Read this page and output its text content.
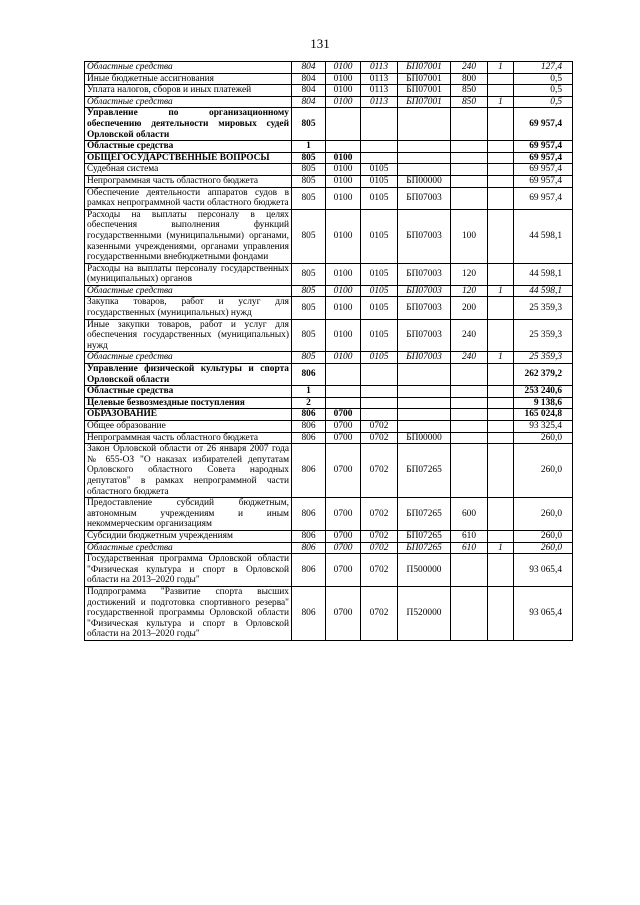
131
Областные средства	804	0100	0113	БП07001	240	1	127,4
Иные бюджетные ассигнования	804	0100	0113	БП07001	800		0,5
Уплата налогов, сборов и иных платежей	804	0100	0113	БП07001	850		0,5
Областные средства	804	0100	0113	БП07001	850	1	0,5
Управление по организационному обеспечению деятельности мировых судей Орловской области	805						69 957,4
Областные средства	1						69 957,4
ОБЩЕГОСУДАРСТВЕННЫЕ ВОПРОСЫ	805	0100					69 957,4
Судебная система	805	0100	0105				69 957,4
Непрограммная часть областного бюджета	805	0100	0105	БП00000			69 957,4
Обеспечение деятельности аппаратов судов в рамках непрограммной части областного бюджета	805	0100	0105	БП07003			69 957,4
Расходы на выплаты персоналу в целях обеспечения выполнения функций государственными (муниципальными) органами, казенными учреждениями, органами управления государственными внебюджетными фондами	805	0100	0105	БП07003	100		44 598,1
Расходы на выплаты персоналу государственных (муниципальных) органов	805	0100	0105	БП07003	120		44 598,1
Областные средства	805	0100	0105	БП07003	120	1	44 598,1
Закупка товаров, работ и услуг для государственных (муниципальных) нужд	805	0100	0105	БП07003	200		25 359,3
Иные закупки товаров, работ и услуг для обеспечения государственных (муниципальных) нужд	805	0100	0105	БП07003	240		25 359,3
Областные средства	805	0100	0105	БП07003	240	1	25 359,3
Управление физической культуры и спорта Орловской области	806						262 379,2
Областные средства	1						253 240,6
Целевые безвозмездные поступления	2						9 138,6
ОБРАЗОВАНИЕ	806	0700					165 024,8
Общее образование	806	0700	0702				93 325,4
Непрограммная часть областного бюджета	806	0700	0702	БП00000			260,0
Закон Орловской области от 26 января 2007 года № 655-ОЗ "О наказах избирателей депутатам Орловского областного Совета народных депутатов" в рамках непрограммной части областного бюджета	806	0700	0702	БП07265			260,0
Предоставление субсидий бюджетным, автономным учреждениям и иным некоммерческим организациям	806	0700	0702	БП07265	600		260,0
Субсидии бюджетным учреждениям	806	0700	0702	БП07265	610		260,0
Областные средства	806	0700	0702	БП07265	610	1	260,0
Государственная программа Орловской области "Физическая культура и спорт в Орловской области на 2013–2020 годы"	806	0700	0702	П500000			93 065,4
Подпрограмма "Развитие спорта высших достижений и подготовка спортивного резерва" государственной программы Орловской области "Физическая культура и спорт в Орловской области на 2013–2020 годы"	806	0700	0702	П520000			93 065,4
